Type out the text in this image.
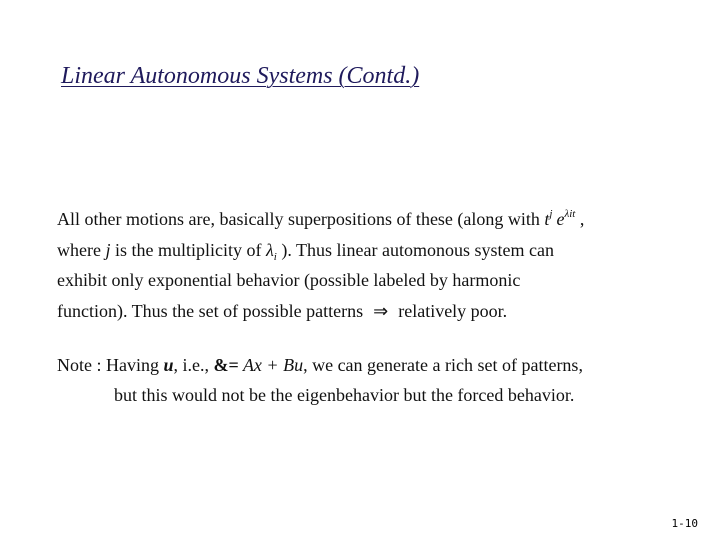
Linear Autonomous Systems (Contd.)
All other motions are, basically superpositions of these (along with $t^j$ $e^{\lambda it}$ ,
where j is the multiplicity of $\lambda_i$ ). Thus linear automonous system can
exhibit only exponential behavior (possible labeled by harmonic
function). Thus the set of possible patterns ⇒ relatively poor.
Note : Having u, i.e., &= Ax + Bu, we can generate a rich set of patterns,
but this would not be the eigenbehavior but the forced behavior.
1-10
